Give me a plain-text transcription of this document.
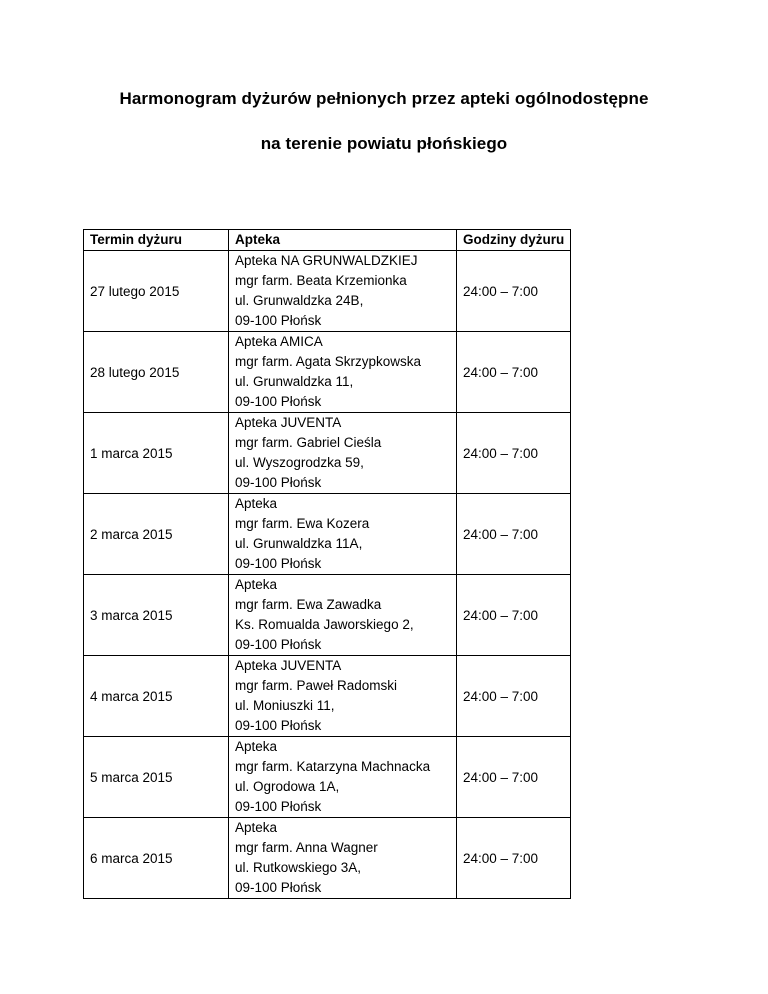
Harmonogram dyżurów pełnionych przez apteki ogólnodostępne
na terenie powiatu płońskiego
Termin dyżuru	Apteka	Godziny dyżuru
27 lutego 2015	Apteka NA GRUNWALDZKIEJ
mgr farm. Beata Krzemionka
ul. Grunwaldzka 24B,
09-100 Płońsk	24:00 – 7:00
28 lutego 2015	Apteka AMICA
mgr farm. Agata Skrzypkowska
ul. Grunwaldzka 11,
09-100 Płońsk	24:00 – 7:00
1 marca 2015	Apteka JUVENTA
mgr farm. Gabriel Cieśla
ul. Wyszogrodzka 59,
09-100 Płońsk	24:00 – 7:00
2 marca 2015	Apteka
mgr farm. Ewa Kozera
ul. Grunwaldzka 11A,
09-100 Płońsk	24:00 – 7:00
3 marca 2015	Apteka
mgr farm. Ewa Zawadka
Ks. Romualda Jaworskiego 2,
09-100 Płońsk	24:00 – 7:00
4 marca 2015	Apteka JUVENTA
mgr farm. Paweł Radomski
ul. Moniuszki 11,
09-100 Płońsk	24:00 – 7:00
5 marca 2015	Apteka
mgr farm. Katarzyna Machnacka
ul. Ogrodowa 1A,
09-100 Płońsk	24:00 – 7:00
6 marca 2015	Apteka
mgr farm. Anna Wagner
ul. Rutkowskiego 3A,
09-100 Płońsk	24:00 – 7:00
